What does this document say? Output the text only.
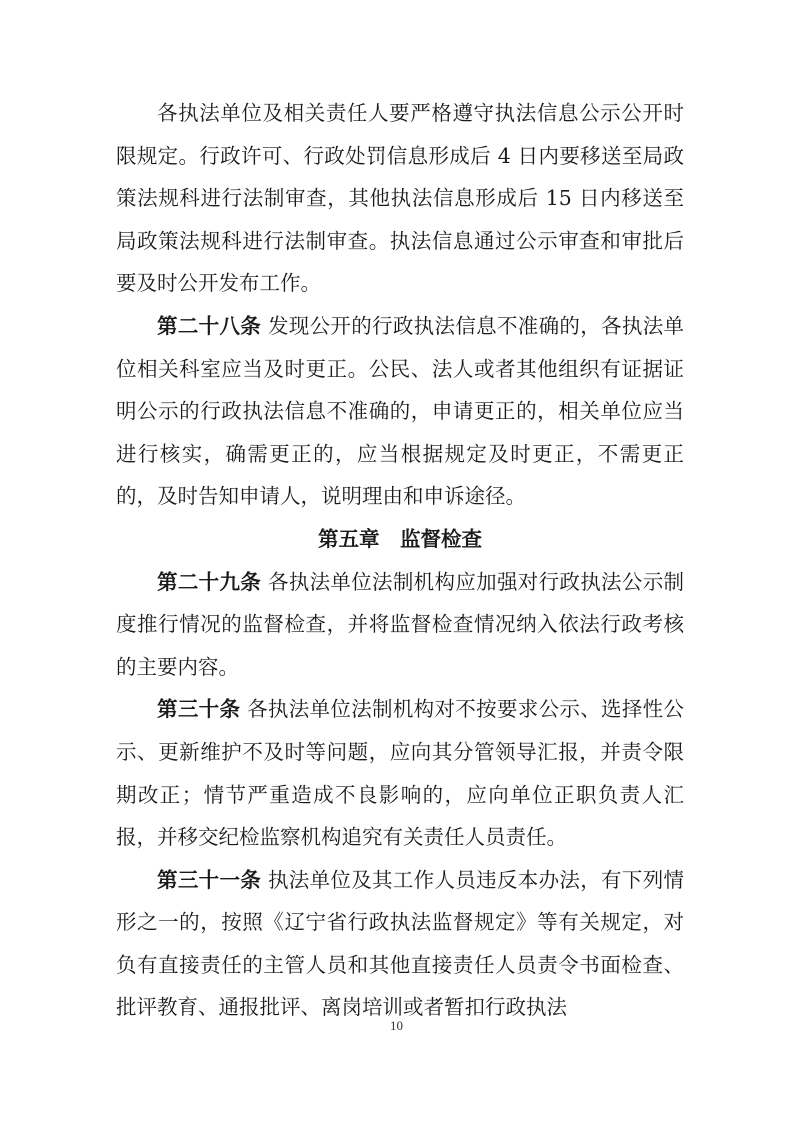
各执法单位及相关责任人要严格遵守执法信息公示公开时限规定。行政许可、行政处罚信息形成后 4 日内要移送至局政策法规科进行法制审查，其他执法信息形成后 15 日内移送至局政策法规科进行法制审查。执法信息通过公示审查和审批后要及时公开发布工作。

第二十八条 发现公开的行政执法信息不准确的，各执法单位相关科室应当及时更正。公民、法人或者其他组织有证据证明公示的行政执法信息不准确的，申请更正的，相关单位应当进行核实，确需更正的，应当根据规定及时更正，不需更正的，及时告知申请人，说明理由和申诉途径。

第五章　监督检查

第二十九条 各执法单位法制机构应加强对行政执法公示制度推行情况的监督检查，并将监督检查情况纳入依法行政考核的主要内容。

第三十条 各执法单位法制机构对不按要求公示、选择性公示、更新维护不及时等问题，应向其分管领导汇报，并责令限期改正；情节严重造成不良影响的，应向单位正职负责人汇报，并移交纪检监察机构追究有关责任人员责任。

第三十一条 执法单位及其工作人员违反本办法，有下列情形之一的，按照《辽宁省行政执法监督规定》等有关规定，对负有直接责任的主管人员和其他直接责任人员责令书面检查、批评教育、通报批评、离岗培训或者暂扣行政执法

10
